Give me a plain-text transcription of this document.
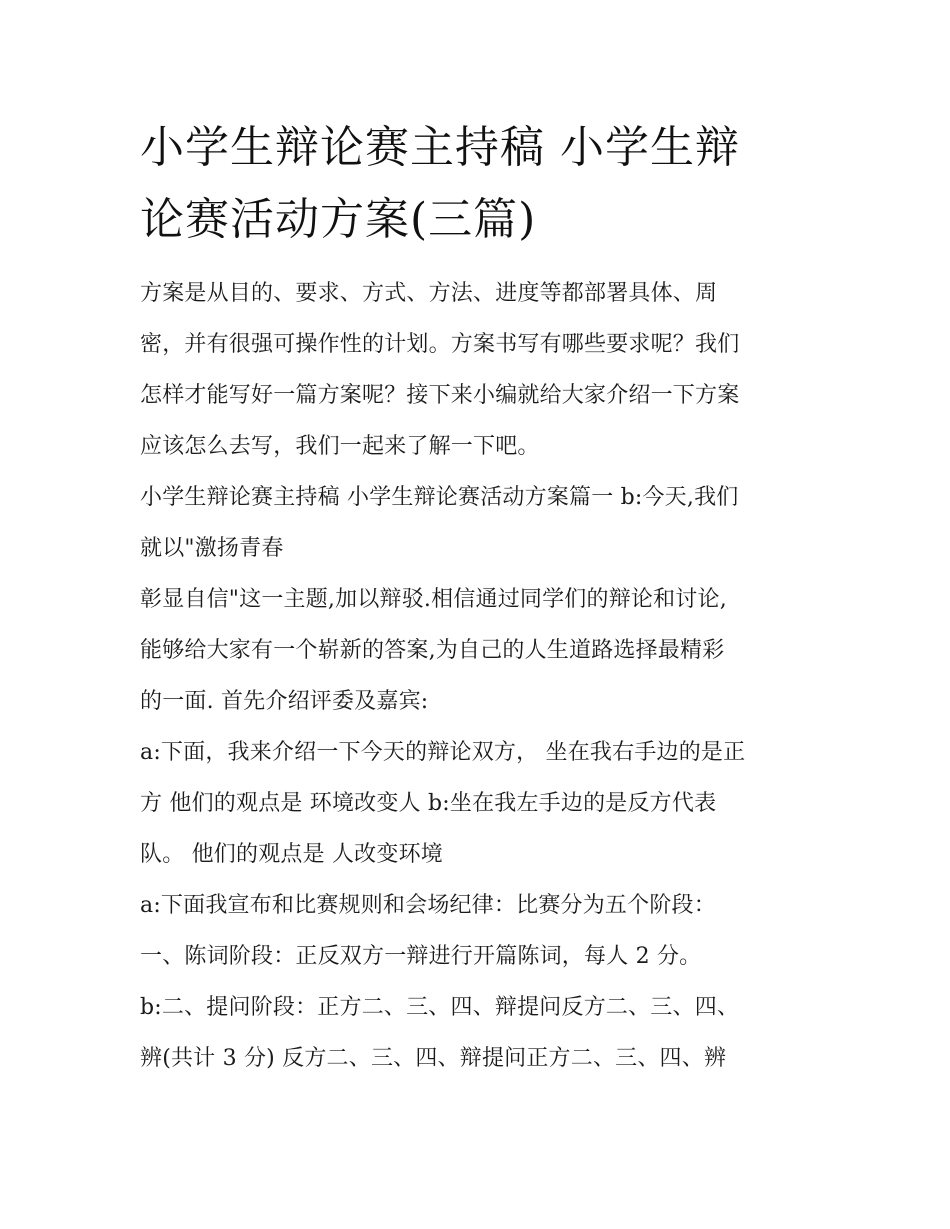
小学生辩论赛主持稿 小学生辩
论赛活动方案(三篇)

方案是从目的、要求、方式、方法、进度等都部署具体、周
密，并有很强可操作性的计划。方案书写有哪些要求呢？我们
怎样才能写好一篇方案呢？接下来小编就给大家介绍一下方案
应该怎么去写，我们一起来了解一下吧。

小学生辩论赛主持稿 小学生辩论赛活动方案篇一 b:今天,我们
就以"激扬青春

彰显自信"这一主题,加以辩驳.相信通过同学们的辩论和讨论,
能够给大家有一个崭新的答案,为自己的人生道路选择最精彩
的一面. 首先介绍评委及嘉宾:

a:下面，我来介绍一下今天的辩论双方， 坐在我右手边的是正
方 他们的观点是 环境改变人 b:坐在我左手边的是反方代表
队。 他们的观点是 人改变环境

a:下面我宣布和比赛规则和会场纪律：比赛分为五个阶段：

一、陈词阶段：正反双方一辩进行开篇陈词，每人 2 分。

b:二、提问阶段：正方二、三、四、辩提问反方二、三、四、
辨(共计 3 分) 反方二、三、四、辩提问正方二、三、四、辨
